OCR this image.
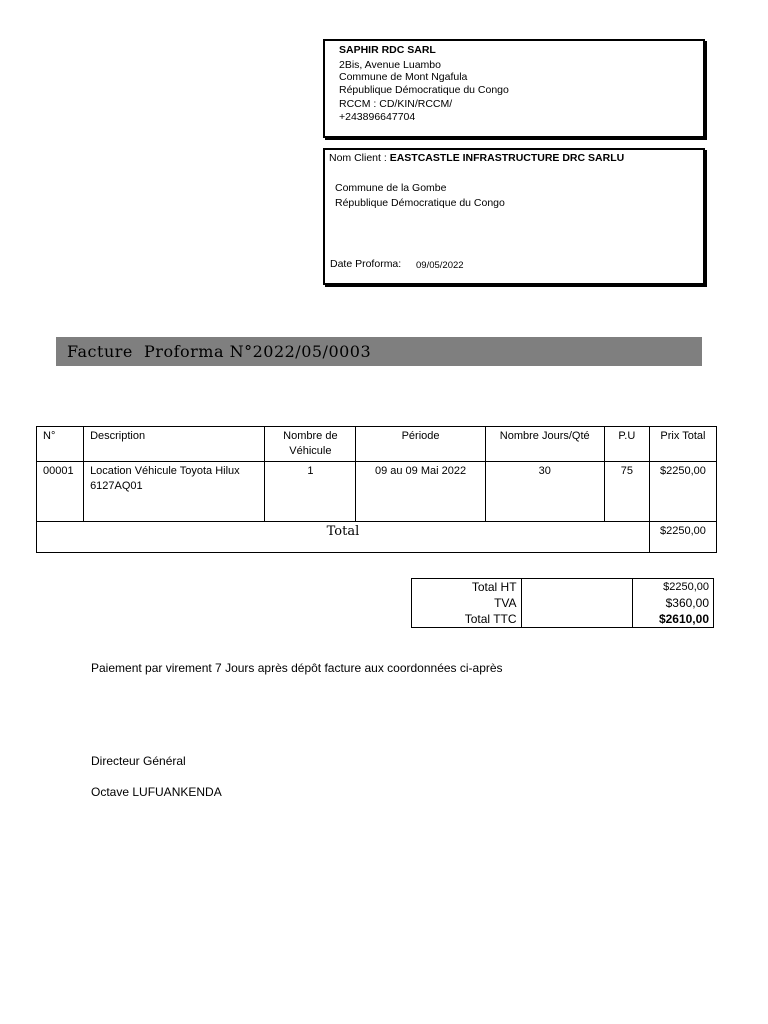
SAPHIR RDC SARL
2Bis, Avenue Luambo
Commune de Mont Ngafula
République Démocratique du Congo
RCCM : CD/KIN/RCCM/
+243896647704
Nom Client : EASTCASTLE INFRASTRUCTURE DRC SARLU
Commune de la Gombe
République Démocratique du Congo
Date Proforma: 09/05/2022
Facture  Proforma N°2022/05/0003
N°	Description	Nombre de Véhicule	Période	Nombre Jours/Qté	P.U	Prix Total
00001	Location Véhicule Toyota Hilux 6127AQ01	1	09 au 09 Mai 2022	30	75	$2250,00
Total						$2250,00
Total HT		$2250,00
TVA		$360,00
Total TTC		$2610,00
Paiement par virement 7 Jours après dépôt facture aux coordonnées ci-après
Directeur Général
Octave LUFUANKENDA
